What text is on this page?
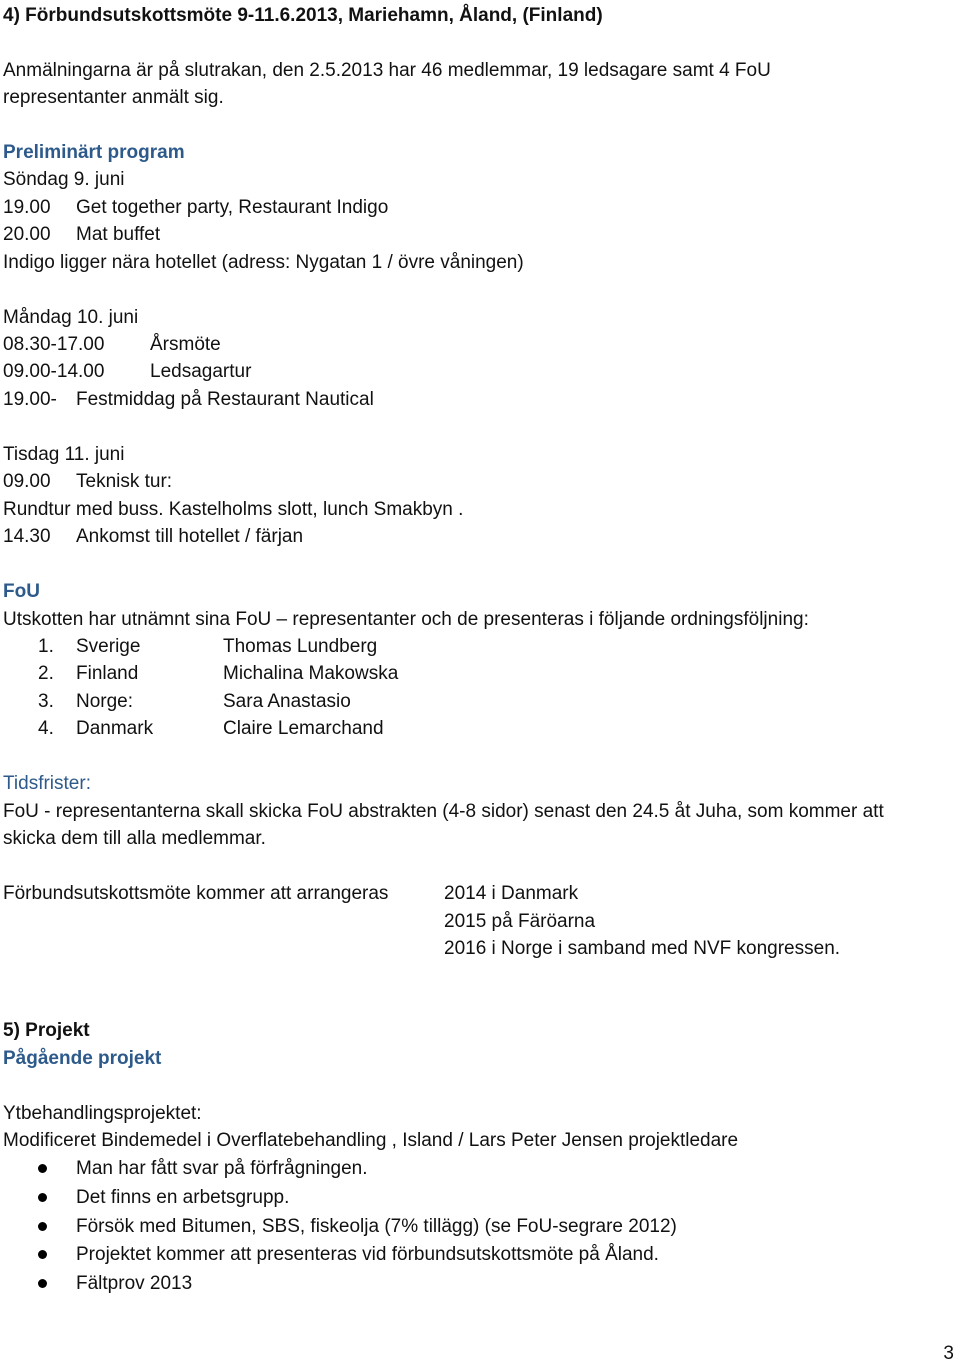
4) Förbundsutskottsmöte 9-11.6.2013, Mariehamn, Åland, (Finland)
Anmälningarna är på slutrakan, den 2.5.2013 har 46 medlemmar, 19 ledsagare samt 4 FoU
representanter anmält sig.
Preliminärt program
Söndag 9. juni
19.00 Get together party, Restaurant Indigo
20.00 Mat buffet
Indigo ligger nära hotellet (adress: Nygatan 1 / övre våningen)
Måndag 10. juni
08.30-17.00 Årsmöte
09.00-14.00 Ledsagartur
19.00- Festmiddag på Restaurant Nautical
Tisdag 11. juni
09.00 Teknisk tur:
Rundtur med buss. Kastelholms slott, lunch Smakbyn .
14.30 Ankomst till hotellet / färjan
FoU
Utskotten har utnämnt sina FoU – representanter och de presenteras i följande ordningsföljning:
1. Sverige	Thomas Lundberg
2. Finland	Michalina Makowska
3. Norge:	Sara Anastasio
4. Danmark	Claire Lemarchand
Tidsfrister:
FoU - representanterna skall skicka FoU abstrakten (4-8 sidor) senast den 24.5 åt Juha, som kommer att
skicka dem till alla medlemmar.
Förbundsutskottsmöte kommer att arrangeras	2014 i Danmark
2015 på Färöarna
2016 i Norge i samband med NVF kongressen.
5) Projekt
Pågående projekt
Ytbehandlingsprojektet:
Modificeret Bindemedel i Overflatebehandling , Island / Lars Peter Jensen projektledare
Man har fått svar på förfrågningen.
Det finns en arbetsgrupp.
Försök med Bitumen, SBS, fiskeolja (7% tillägg) (se FoU-segrare 2012)
Projektet kommer att presenteras vid förbundsutskottsmöte på Åland.
Fältprov 2013
3
